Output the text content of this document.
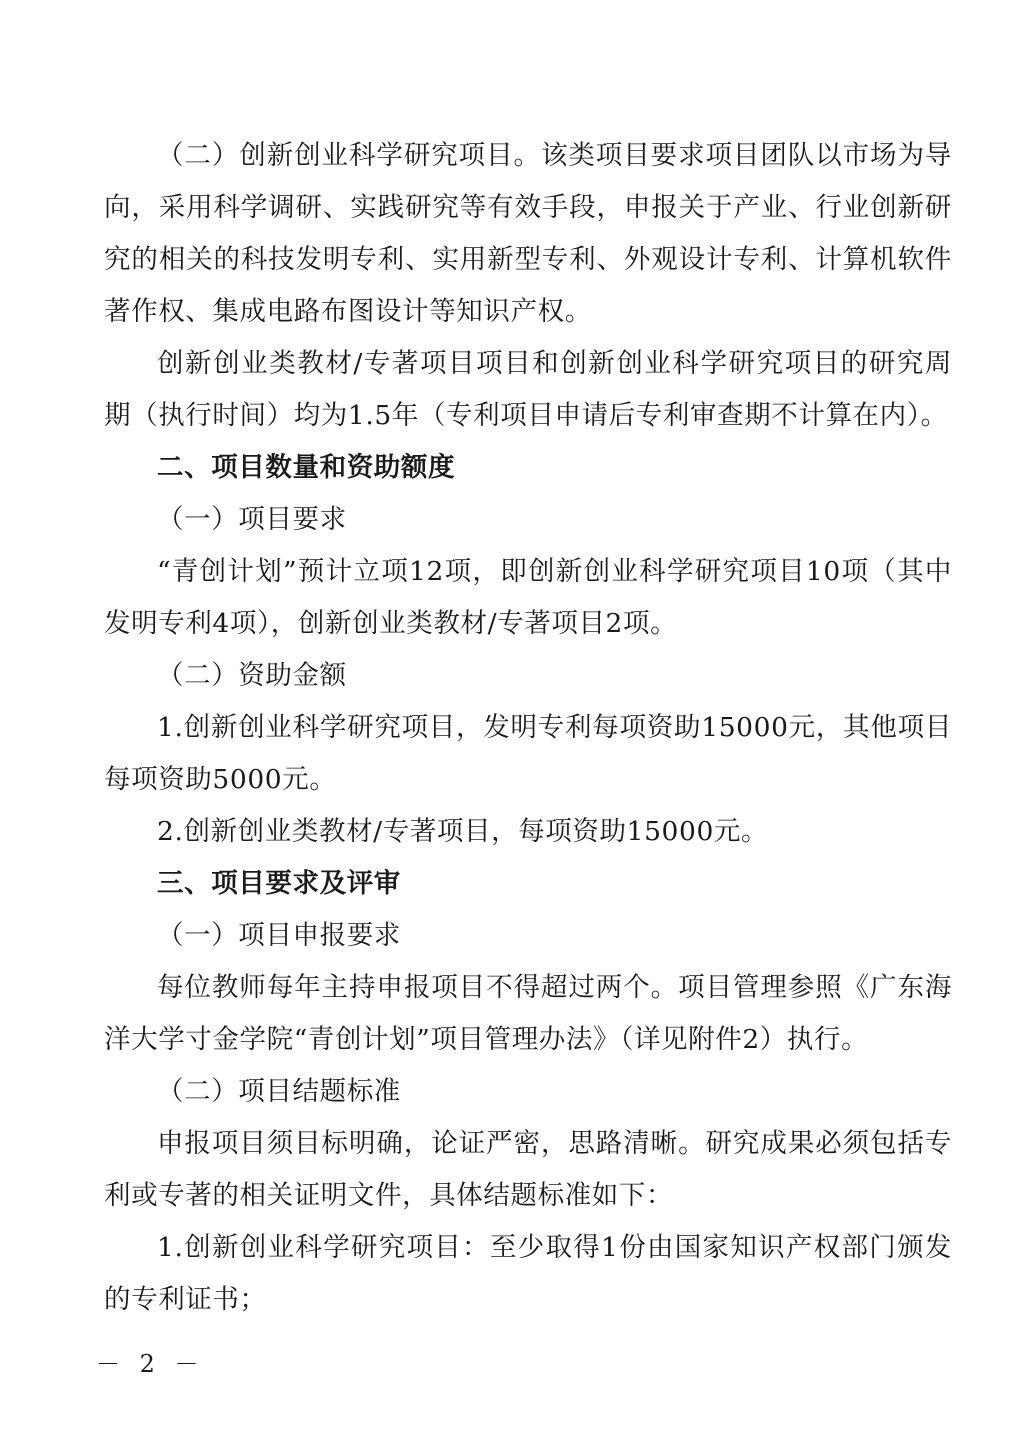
（二）创新创业科学研究项目。该类项目要求项目团队以市场为导向，采用科学调研、实践研究等有效手段，申报关于产业、行业创新研究的相关的科技发明专利、实用新型专利、外观设计专利、计算机软件著作权、集成电路布图设计等知识产权。

创新创业类教材/专著项目项目和创新创业科学研究项目的研究周期（执行时间）均为1.5年（专利项目申请后专利审查期不计算在内）。

二、项目数量和资助额度

（一）项目要求

“青创计划”预计立项12项，即创新创业科学研究项目10项（其中发明专利4项），创新创业类教材/专著项目2项。

（二）资助金额

1.创新创业科学研究项目，发明专利每项资助15000元，其他项目每项资助5000元。

2.创新创业类教材/专著项目，每项资助15000元。

三、项目要求及评审

（一）项目申报要求

每位教师每年主持申报项目不得超过两个。项目管理参照《广东海洋大学寸金学院“青创计划”项目管理办法》（详见附件2）执行。

（二）项目结题标准

申报项目须目标明确，论证严密，思路清晰。研究成果必须包括专利或专著的相关证明文件，具体结题标准如下：

1.创新创业科学研究项目：至少取得1份由国家知识产权部门颁发的专利证书；

－ 2 －
